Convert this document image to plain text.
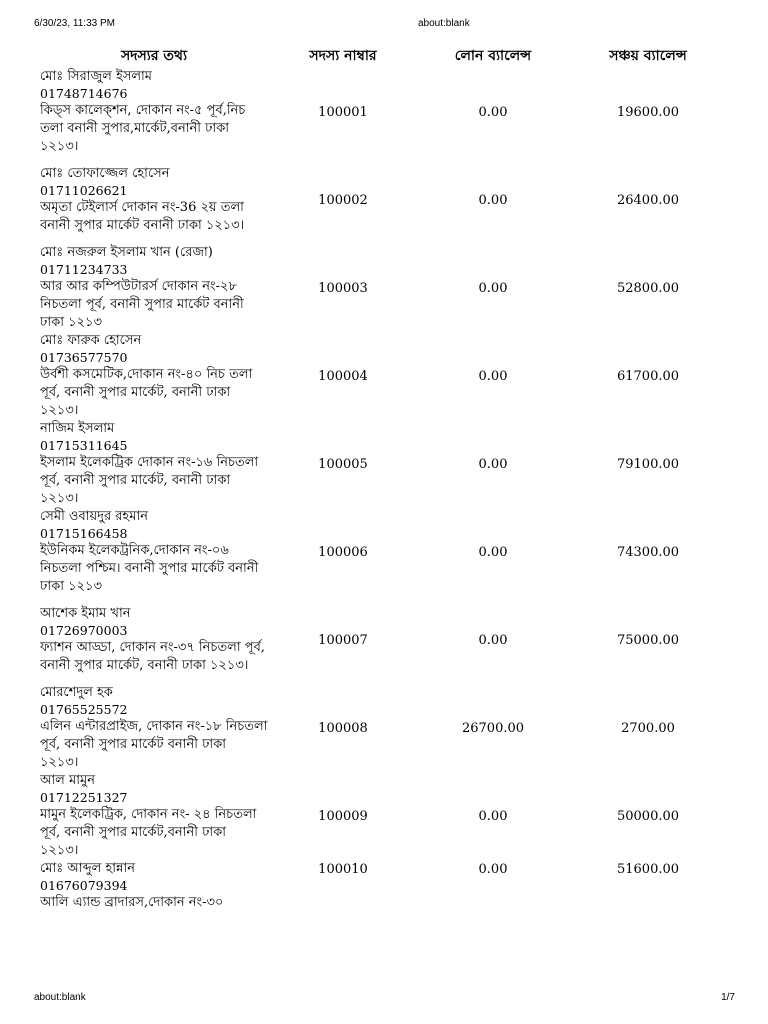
6/30/23, 11:33 PM	about:blank
সদস্যর তথ্য	সদস্য নাম্বার	লোন ব্যালেন্স	সঞ্চয় ব্যালেন্স

মোঃ সিরাজুল ইসলাম
01748714676
কিড্স কালেক্শন, দোকান নং-৫ পূর্ব,নিচ তলা বনানী সুপার,মার্কেট,বনানী ঢাকা ১২১৩।	100001	0.00	19600.00

মোঃ তোফাজ্জেল হোসেন
01711026621
অমৃতা টেইলার্স দোকান নং-36 ২য় তলা বনানী সুপার মার্কেট বনানী ঢাকা ১২১৩।	100002	0.00	26400.00

মোঃ নজরুল ইসলাম খান (রেজা)
01711234733
আর আর কম্পিউটারর্স দোকান নং-২৮ নিচতলা পূর্ব, বনানী সুপার মার্কেট বনানী ঢাকা ১২১৩	100003	0.00	52800.00

মোঃ ফারুক হোসেন
01736577570
উর্বশী কসমেটিক,দোকান নং-৪০ নিচ তলা পূর্ব, বনানী সুপার মার্কেট, বনানী ঢাকা ১২১৩।	100004	0.00	61700.00

নাজিম ইসলাম
01715311645
ইসলাম ইলেকট্রিক দোকান নং-১৬ নিচতলা পূর্ব, বনানী সুপার মার্কেট, বনানী ঢাকা ১২১৩।	100005	0.00	79100.00

সেমী ওবায়দুর রহমান
01715166458
ইউনিকম ইলেকট্রনিক,দোকান নং-০৬ নিচতলা পশ্চিম। বনানী সুপার মার্কেট বনানী ঢাকা ১২১৩	100006	0.00	74300.00

আশেক ইমাম খান
01726970003
ফ্যাশন আড্ডা, দোকান নং-৩৭ নিচতলা পূর্ব, বনানী সুপার মার্কেট, বনানী ঢাকা ১২১৩।	100007	0.00	75000.00

মোরশেদুল হক
01765525572
এলিন এন্টারপ্রাইজ, দোকান নং-১৮ নিচতলা পূর্ব, বনানী সুপার মার্কেট বনানী ঢাকা ১২১৩।	100008	26700.00	2700.00

আল মামুন
01712251327
মামুন ইলেকট্রিক, দোকান নং- ২৪ নিচতলা পূর্ব, বনানী সুপার মার্কেট,বনানী ঢাকা ১২১৩।	100009	0.00	50000.00

মোঃ আব্দুল হান্নান
01676079394
আলি এ্যান্ড ব্রাদারস,দোকান নং-৩০	100010	0.00	51600.00
about:blank	1/7
